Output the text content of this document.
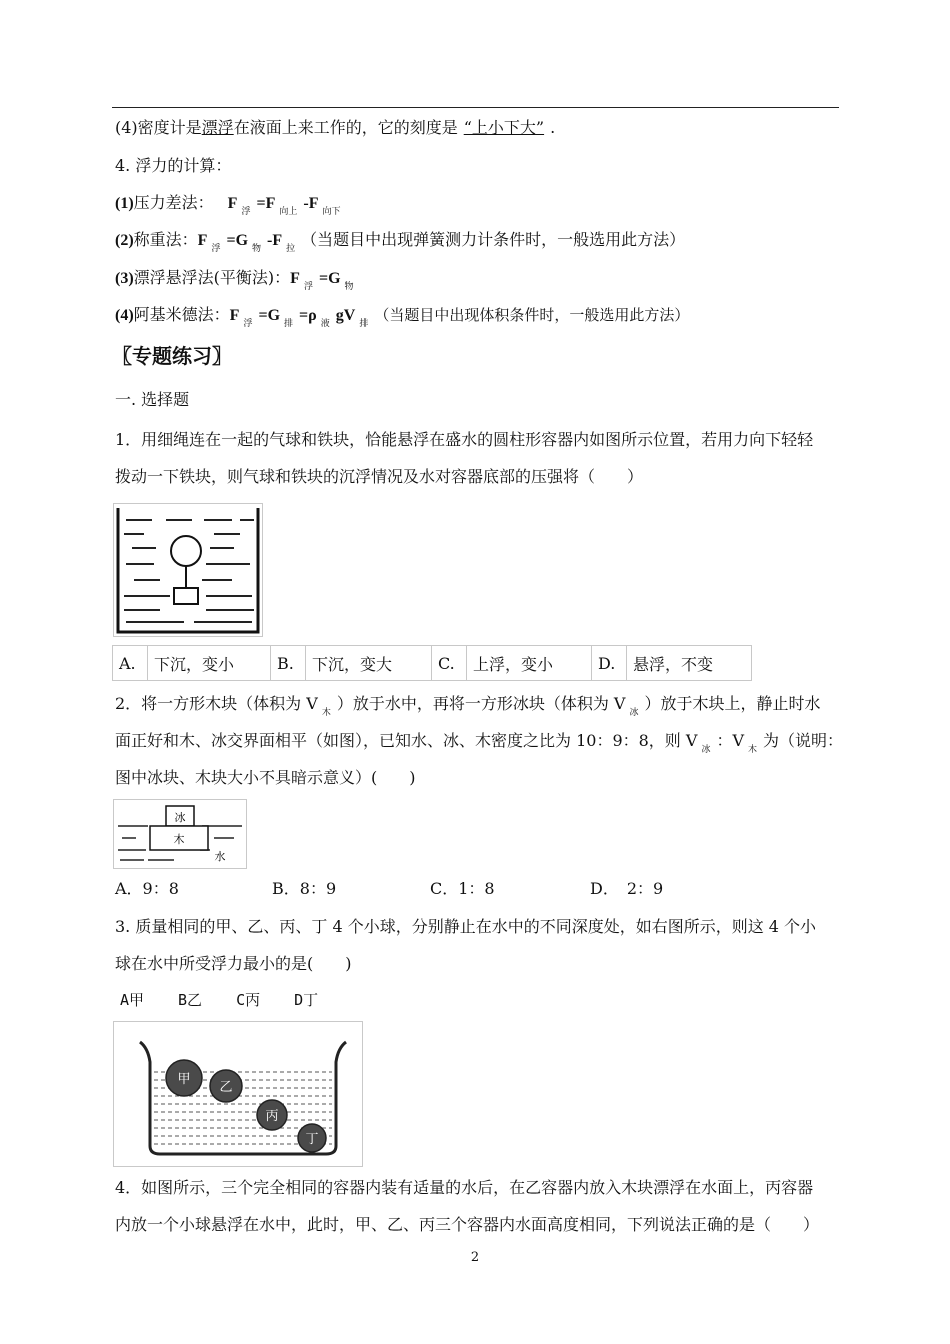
(4)密度计是漂浮在液面上来工作的，它的刻度是 “上小下大” .
4. 浮力的计算：
(1)压力差法： F $_浮$ =F $_{向上}$ -F $_{向下}$
(2)称重法：F $_浮$ =G $_物$ -F $_拉$ （当题目中出现弹簧测力计条件时，一般选用此方法）
(3)漂浮悬浮法(平衡法)：F $_浮$ =G $_物$
(4)阿基米德法：F $_浮$ =G $_排$ =ρ $_液$ gV $_排$ （当题目中出现体积条件时，一般选用此方法）
〖专题练习〗
一. 选择题
1．用细绳连在一起的气球和铁块，恰能悬浮在盛水的圆柱形容器内如图所示位置，若用力向下轻轻
拨动一下铁块，则气球和铁块的沉浮情况及水对容器底部的压强将（　　）
A.	下沉，变小	B.	下沉，变大	C.	上浮，变小	D.	悬浮，不变
2．将一方形木块（体积为 V $_木$ ）放于水中，再将一方形冰块（体积为 V $_冰$ ）放于木块上，静止时水
面正好和木、冰交界面相平（如图），已知水、冰、木密度之比为 10：9：8，则 V $_冰$ ：V $_木$ 为（说明：
图中冰块、木块大小不具暗示意义）(　　)
冰
木
水
A．9：8	B．8：9	C．1：8	D．　2：9
3. 质量相同的甲、乙、丙、丁 4 个小球，分别静止在水中的不同深度处，如右图所示，则这 4 个小
球在水中所受浮力最小的是(　　)
A甲 B乙 C丙 D丁
甲
乙
丙
丁
4．如图所示，三个完全相同的容器内装有适量的水后，在乙容器内放入木块漂浮在水面上，丙容器
内放一个小球悬浮在水中，此时，甲、乙、丙三个容器内水面高度相同，下列说法正确的是（　　）
2
